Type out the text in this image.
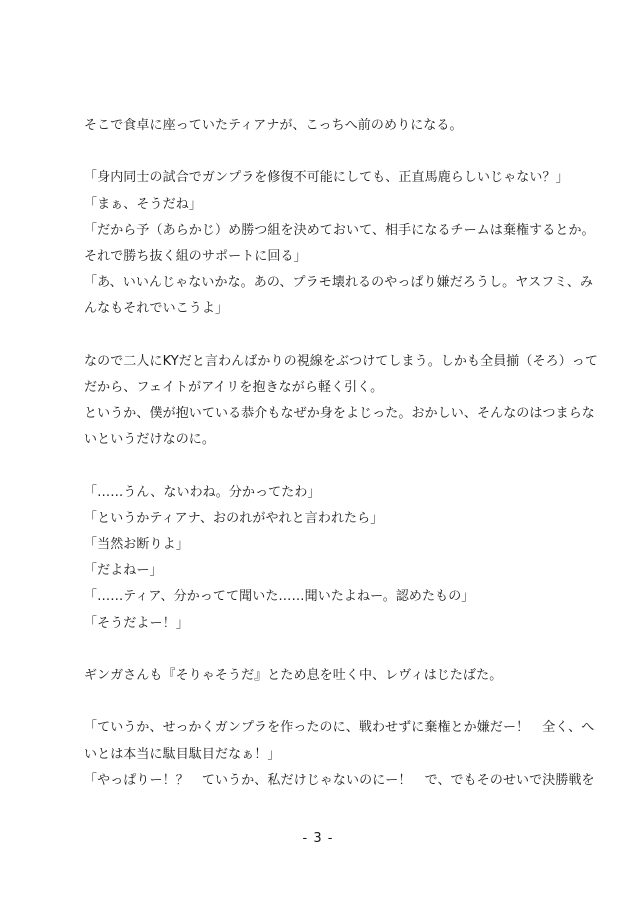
そこで食卓に座っていたティアナが、こっちへ前のめりになる。
「身内同士の試合でガンプラを修復不可能にしても、正直馬鹿らしいじゃない？」
「まぁ、そうだね」
「だから予（あらかじ）め勝つ組を決めておいて、相手になるチームは棄権するとか。
それで勝ち抜く組のサポートに回る」
「あ、いいんじゃないかな。あの、プラモ壊れるのやっぱり嫌だろうし。ヤスフミ、み
んなもそれでいこうよ」
なので二人にKYだと言わんばかりの視線をぶつけてしまう。しかも全員揃（そろ）って
だから、フェイトがアイリを抱きながら軽く引く。
というか、僕が抱いている恭介もなぜか身をよじった。おかしい、そんなのはつまらな
いというだけなのに。
「……うん、ないわね。分かってたわ」
「というかティアナ、おのれがやれと言われたら」
「当然お断りよ」
「だよねー」
「……ティア、分かってて聞いた……聞いたよねー。認めたもの」
「そうだよー！」
ギンガさんも『そりゃそうだ』とため息を吐く中、レヴィはじたばた。
「ていうか、せっかくガンプラを作ったのに、戦わせずに棄権とか嫌だー！　全く、へ
いとは本当に駄目駄目だなぁ！」
「やっぱりー！？　ていうか、私だけじゃないのにー！　で、でもそのせいで決勝戦を
- 3 -
